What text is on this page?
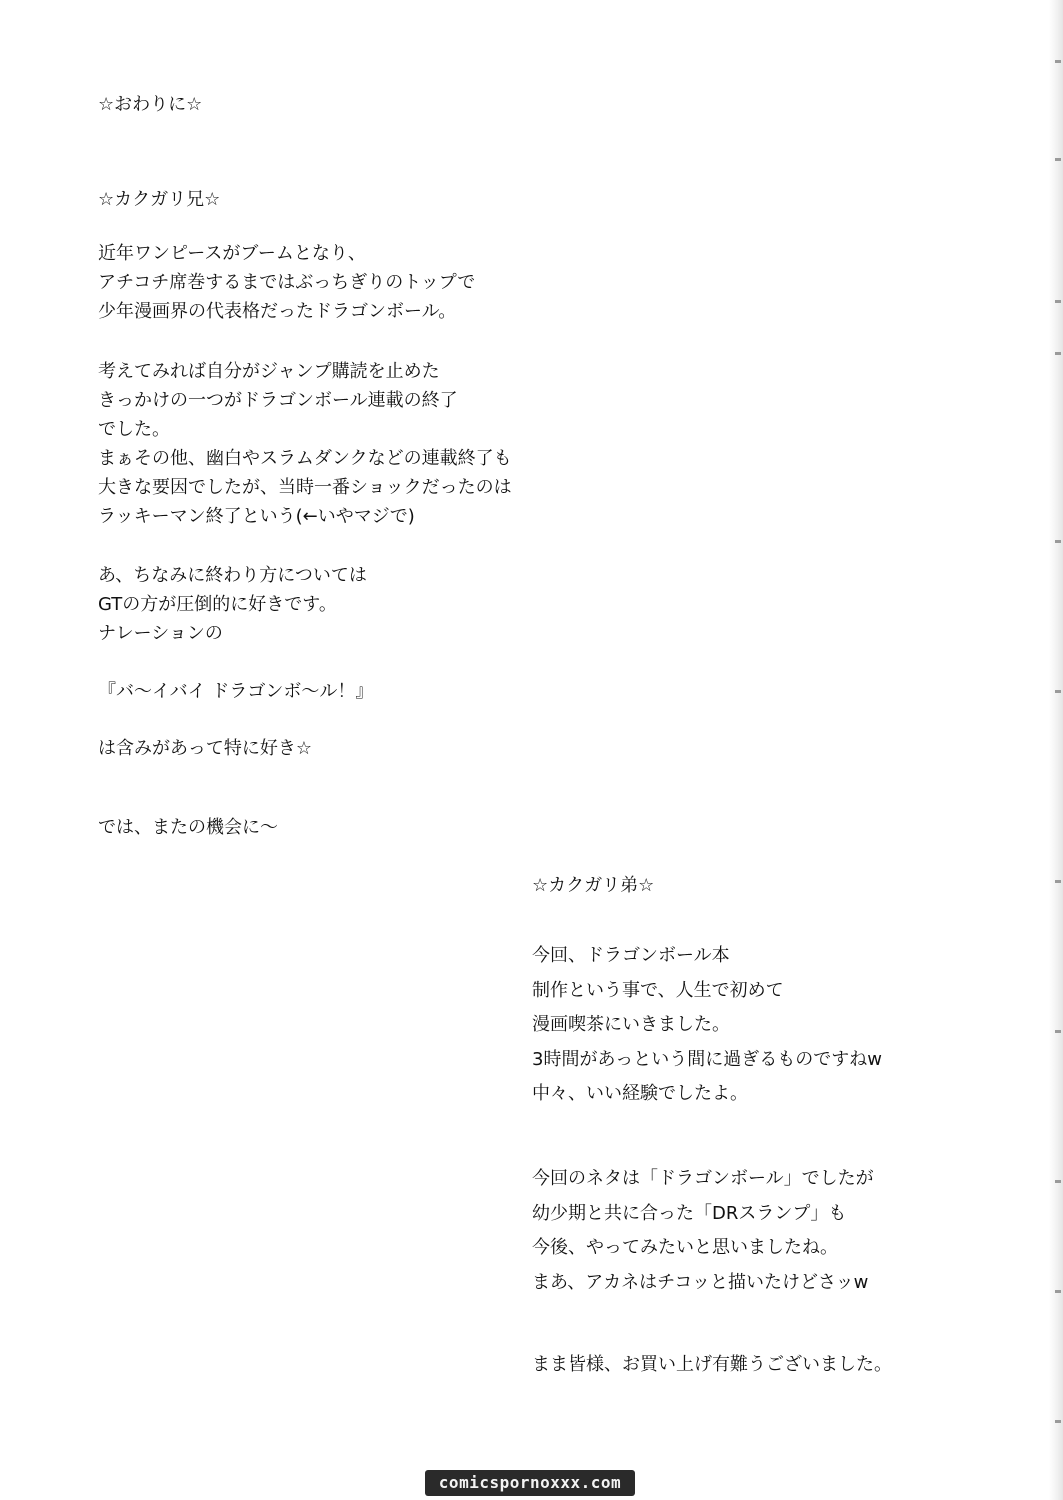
☆おわりに☆
☆カクガリ兄☆
近年ワンピースがブームとなり、
アチコチ席巻するまではぶっちぎりのトップで
少年漫画界の代表格だったドラゴンボール。
考えてみれば自分がジャンプ購読を止めた
きっかけの一つがドラゴンボール連載の終了
でした。
まぁその他、幽白やスラムダンクなどの連載終了も
大きな要因でしたが、当時一番ショックだったのは
ラッキーマン終了という(←いやマジで)
あ、ちなみに終わり方については
GTの方が圧倒的に好きです。
ナレーションの
『バ～イバイ ドラゴンボ～ル！』
は含みがあって特に好き☆
では、またの機会に～
☆カクガリ弟☆
今回、ドラゴンボール本
制作という事で、人生で初めて
漫画喫茶にいきました。
3時間があっという間に過ぎるものですねw
中々、いい経験でしたよ。
今回のネタは「ドラゴンボール」でしたが
幼少期と共に合った「DRスランプ」も
今後、やってみたいと思いましたね。
まあ、アカネはチコッと描いたけどさッw
まま皆様、お買い上げ有難うございました。
comicspornoxxx.com
